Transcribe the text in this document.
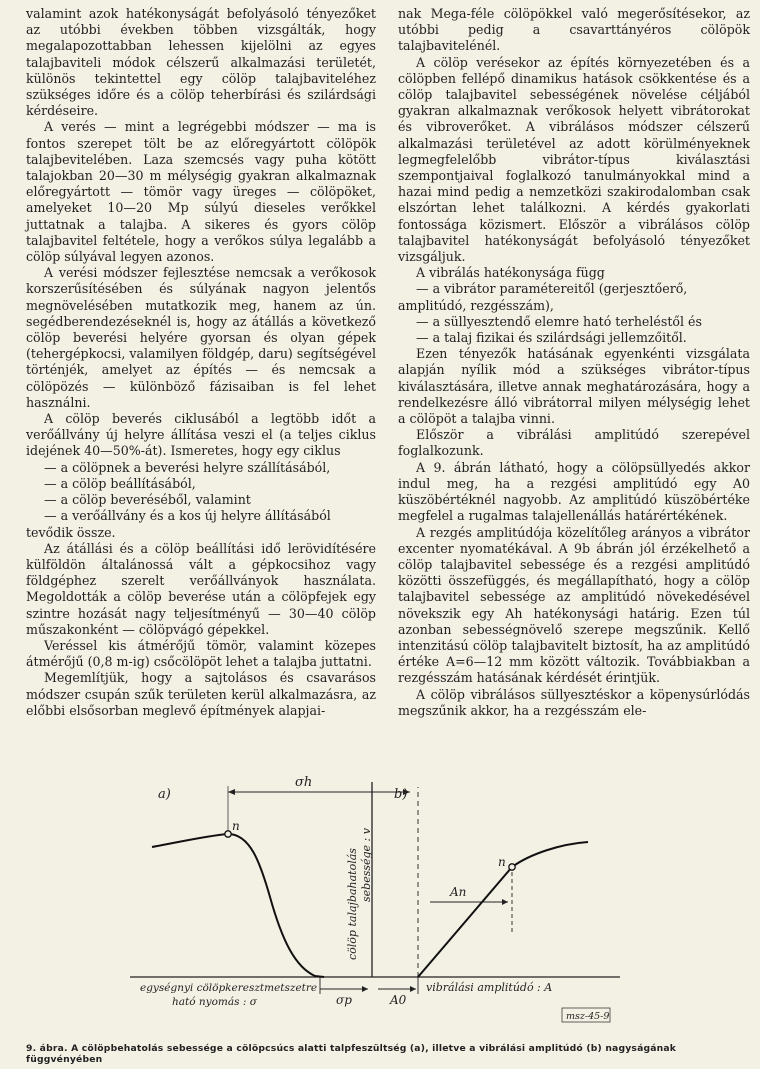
valamint azok hatékonyságát befolyásoló tényezőket az utóbbi években többen vizsgálták, hogy megalapozottabban lehessen kijelölni az egyes talajbaviteli módok célszerű alkalmazási területét, különös tekintettel egy cölöp talajbaviteléhez szükséges időre és a cölöp teherbírási és szilárdsági kérdéseire.

A verés — mint a legrégebbi módszer — ma is fontos szerepet tölt be az előregyártott cölöpök talajbevitelében. Laza szemcsés vagy puha kötött talajokban 20—30 m mélységig gyakran alkalmaznak előregyártott — tömör vagy üreges — cölöpöket, amelyeket 10—20 Mp súlyú dieseles verőkkel juttatnak a talajba. A sikeres és gyors cölöp talajbavitel feltétele, hogy a verőkos súlya legalább a cölöp súlyával legyen azonos.

A verési módszer fejlesztése nemcsak a verőkosok korszerűsítésében és súlyának nagyon jelentős megnövelésében mutatkozik meg, hanem az ún. segédberendezéseknél is, hogy az átállás a következő cölöp beverési helyére gyorsan és olyan gépek (tehergépkocsi, valamilyen földgép, daru) segítségével történjék, amelyet az építés — és nemcsak a cölöpözés — különböző fázisaiban is fel lehet használni.

A cölöp beverés ciklusából a legtöbb időt a verőállvány új helyre állítása veszi el (a teljes ciklus idejének 40—50%-át). Ismeretes, hogy egy ciklus

— a cölöpnek a beverési helyre szállításából,

— a cölöp beállításából,

— a cölöp beveréséből, valamint

— a verőállvány és a kos új helyre állításából tevődik össze.

Az átállási és a cölöp beállítási idő lerövidítésére külföldön általánossá vált a gépkocsihoz vagy földgéphez szerelt verőállványok használata. Megoldották a cölöp beverése után a cölöpfejek egy szintre hozását nagy teljesítményű — 30—40 cölöp műszakonként — cölöpvágó gépekkel.

Veréssel kis átmérőjű tömör, valamint közepes átmérőjű (0,8 m-ig) csőcölöpöt lehet a talajba juttatni.

Megemlítjük, hogy a sajtolásos és csavarásos módszer csupán szűk területen kerül alkalmazásra, az előbbi elsősorban meglevő építmények alapjai-

nak Mega-féle cölöpökkel való megerősítésekor, az utóbbi pedig a csavarttányéros cölöpök talajbavitelénél.

A cölöp verésekor az építés környezetében és a cölöpben fellépő dinamikus hatások csökkentése és a cölöp talajbavitel sebességének növelése céljából gyakran alkalmaznak verőkosok helyett vibrátorokat és vibroverőket. A vibrálásos módszer célszerű alkalmazási területével az adott körülményeknek legmegfelelőbb vibrátor-típus kiválasztási szempontjaival foglalkozó tanulmányokkal mind a hazai mind pedig a nemzetközi szakirodalomban csak elszórtan lehet találkozni. A kérdés gyakorlati fontossága közismert. Először a vibrálásos cölöp talajbavitel hatékonyságát befolyásoló tényezőket vizsgáljuk.

A vibrálás hatékonysága függ

— a vibrátor paramétereitől (gerjesztőerő, amplitúdó, rezgésszám),

— a süllyesztendő elemre ható terheléstől és

— a talaj fizikai és szilárdsági jellemzőitől.

Ezen tényezők hatásának egyenkénti vizsgálata alapján nyílik mód a szükséges vibrátor-típus kiválasztására, illetve annak meghatározására, hogy a rendelkezésre álló vibrátorral milyen mélységig lehet a cölöpöt a talajba vinni.

Először a vibrálási amplitúdó szerepével foglalkozunk.

A 9. ábrán látható, hogy a cölöpsüllyedés akkor indul meg, ha a rezgési amplitúdó egy A0 küszöbértéknél nagyobb. Az amplitúdó küszöbértéke megfelel a rugalmas talajellenállás határértékének.

A rezgés amplitúdója közelítőleg arányos a vibrátor excenter nyomatékával. A 9b ábrán jól érzékelhető a cölöp talajbavitel sebessége és a rezgési amplitúdó közötti összefüggés, és megállapítható, hogy a cölöp talajbavitel sebessége az amplitúdó növekedésével növekszik egy Ah hatékonysági határig. Ezen túl azonban sebességnövelő szerepe megszűnik. Kellő intenzitású cölöp talajbavitelt biztosít, ha az amplitúdó értéke A=6—12 mm között változik. Továbbiakban a rezgésszám hatásának kérdését érintjük.

A cölöp vibrálásos süllyesztéskor a köpenysúrlódás megszűnik akkor, ha a rezgésszám ele-

a)	b)
σh
σp
n
n
An
A0
cölöp talajbahatolás sebessége : v
egységnyi cölöpkeresztmetszetre
ható nyomás : σ
vibrálási amplitúdó : A
msz-45-9
9. ábra. A cölöpbehatolás sebessége a cölöpcsúcs alatti talpfeszültség (a), illetve a vibrálási amplitúdó (b) nagyságának függvényében
